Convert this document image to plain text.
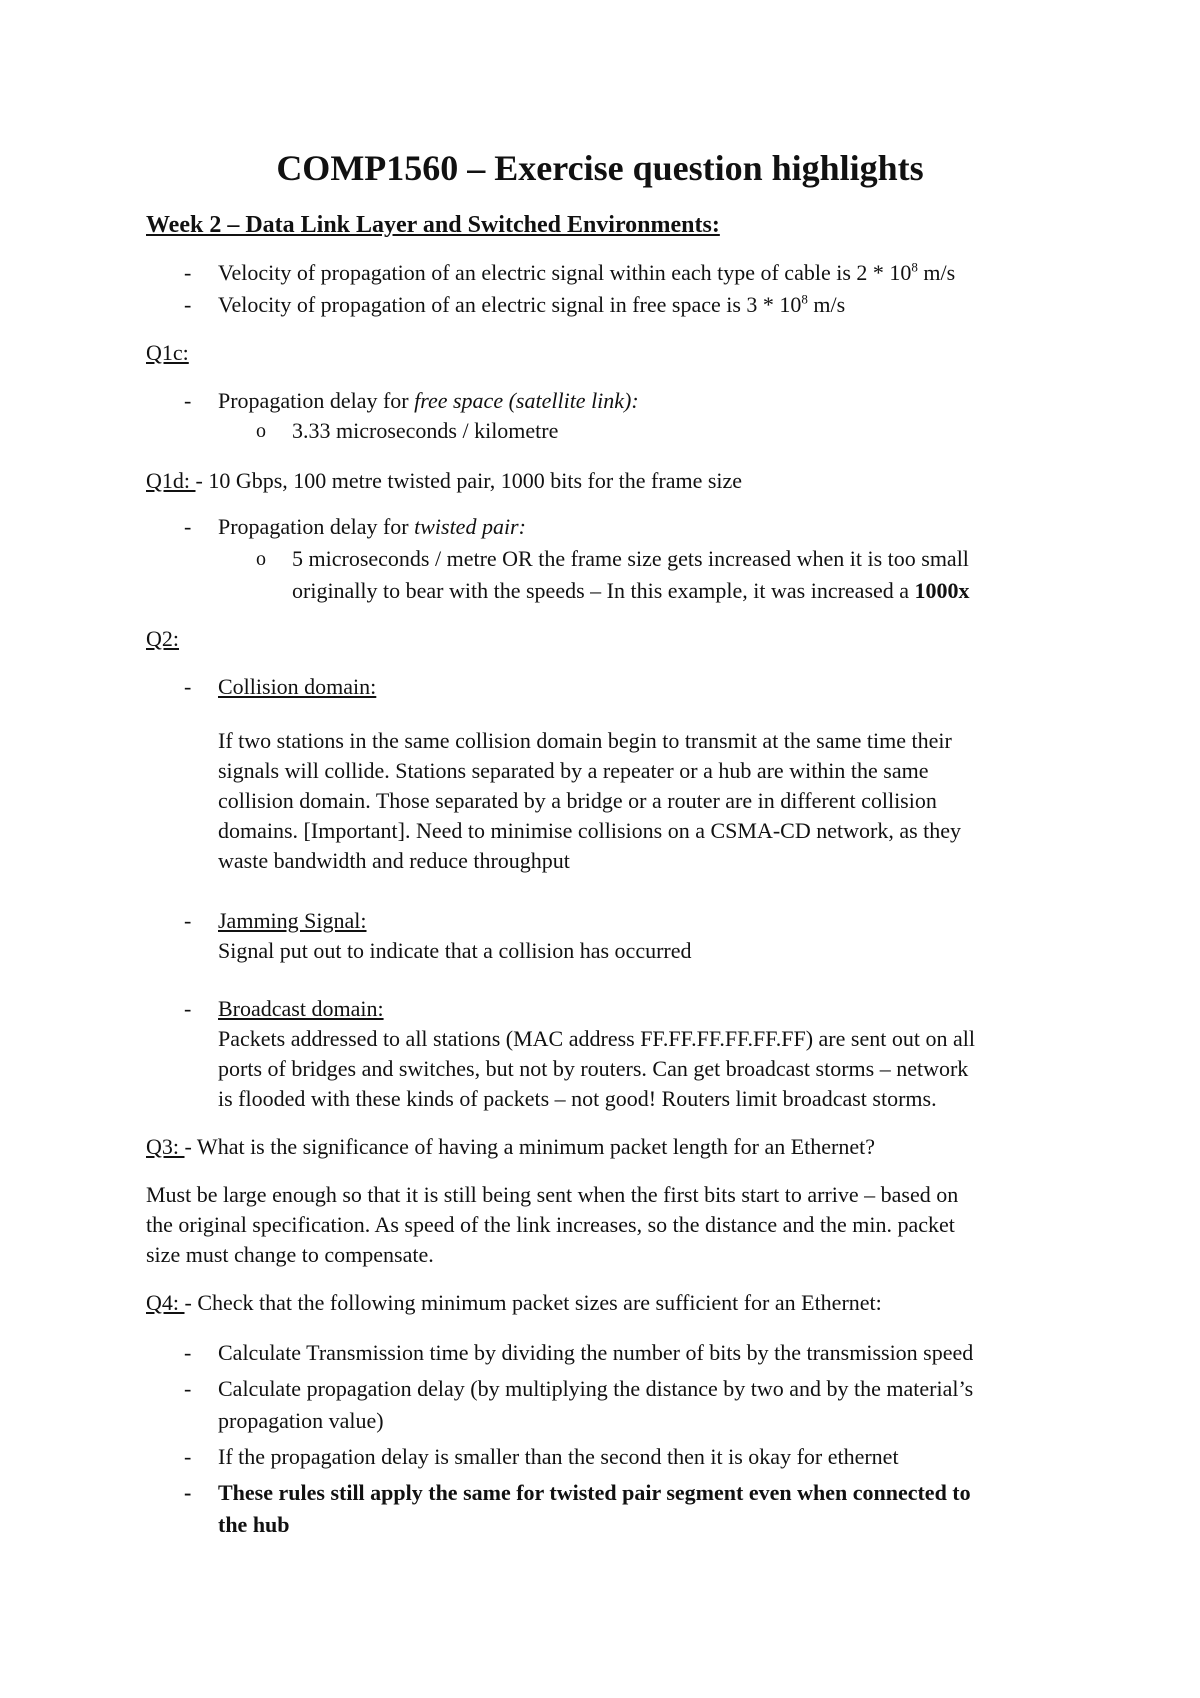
COMP1560 – Exercise question highlights
Week 2 – Data Link Layer and Switched Environments:
- Velocity of propagation of an electric signal within each type of cable is $2 * 10^8$ m/s
- Velocity of propagation of an electric signal in free space is $3 * 10^8$ m/s
Q1c:
- Propagation delay for free space (satellite link):
o 3.33 microseconds / kilometre
Q1d: - 10 Gbps, 100 metre twisted pair, 1000 bits for the frame size
- Propagation delay for twisted pair:
o 5 microseconds / metre OR the frame size gets increased when it is too small
originally to bear with the speeds – In this example, it was increased a 1000x
Q2:
- Collision domain:
If two stations in the same collision domain begin to transmit at the same time their
signals will collide. Stations separated by a repeater or a hub are within the same
collision domain. Those separated by a bridge or a router are in different collision
domains. [Important]. Need to minimise collisions on a CSMA-CD network, as they
waste bandwidth and reduce throughput
- Jamming Signal:
Signal put out to indicate that a collision has occurred
- Broadcast domain:
Packets addressed to all stations (MAC address FF.FF.FF.FF.FF.FF) are sent out on all
ports of bridges and switches, but not by routers. Can get broadcast storms – network
is flooded with these kinds of packets – not good! Routers limit broadcast storms.
Q3: - What is the significance of having a minimum packet length for an Ethernet?
Must be large enough so that it is still being sent when the first bits start to arrive – based on
the original specification. As speed of the link increases, so the distance and the min. packet
size must change to compensate.
Q4: - Check that the following minimum packet sizes are sufficient for an Ethernet:
- Calculate Transmission time by dividing the number of bits by the transmission speed
- Calculate propagation delay (by multiplying the distance by two and by the material’s
propagation value)
- If the propagation delay is smaller than the second then it is okay for ethernet
- These rules still apply the same for twisted pair segment even when connected to
the hub
